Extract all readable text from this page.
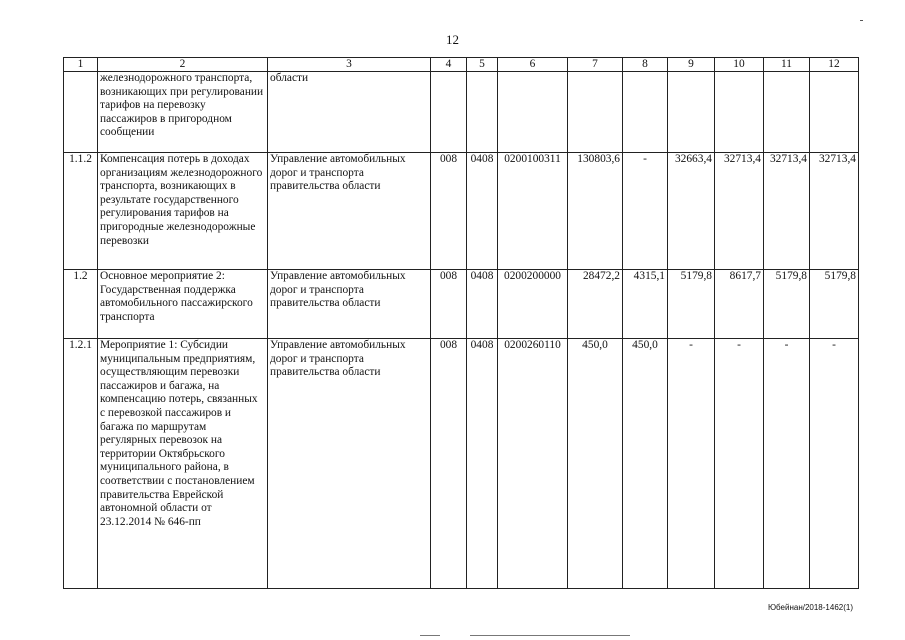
12
1	2	3	4	5	6	7	8	9	10	11	12
	железнодорожного транспорта, возникающих при регулировании тарифов на перевозку пассажиров в пригородном сообщении	области									
1.1.2	Компенсация потерь в доходах организациям железнодорожного транспорта, возникающих в результате государственного регулирования тарифов на пригородные железнодорожные перевозки	Управление автомобильных дорог и транспорта правительства области	008	0408	0200100311	130803,6	-	32663,4	32713,4	32713,4	32713,4
1.2	Основное мероприятие 2: Государственная поддержка автомобильного пассажирского транспорта	Управление автомобильных дорог и транспорта правительства области	008	0408	0200200000	28472,2	4315,1	5179,8	8617,7	5179,8	5179,8
1.2.1	Мероприятие 1: Субсидии муниципальным предприятиям, осуществляющим перевозки пассажиров и багажа, на компенсацию потерь, связанных с перевозкой пассажиров и багажа по маршрутам регулярных перевозок на территории Октябрьского муниципального района, в соответствии с постановлением правительства Еврейской автономной области от 23.12.2014 № 646-пп	Управление автомобильных дорог и транспорта правительства области	008	0408	0200260110	450,0	450,0	-	-	-	-
Юбейнан/2018-1462(1)
